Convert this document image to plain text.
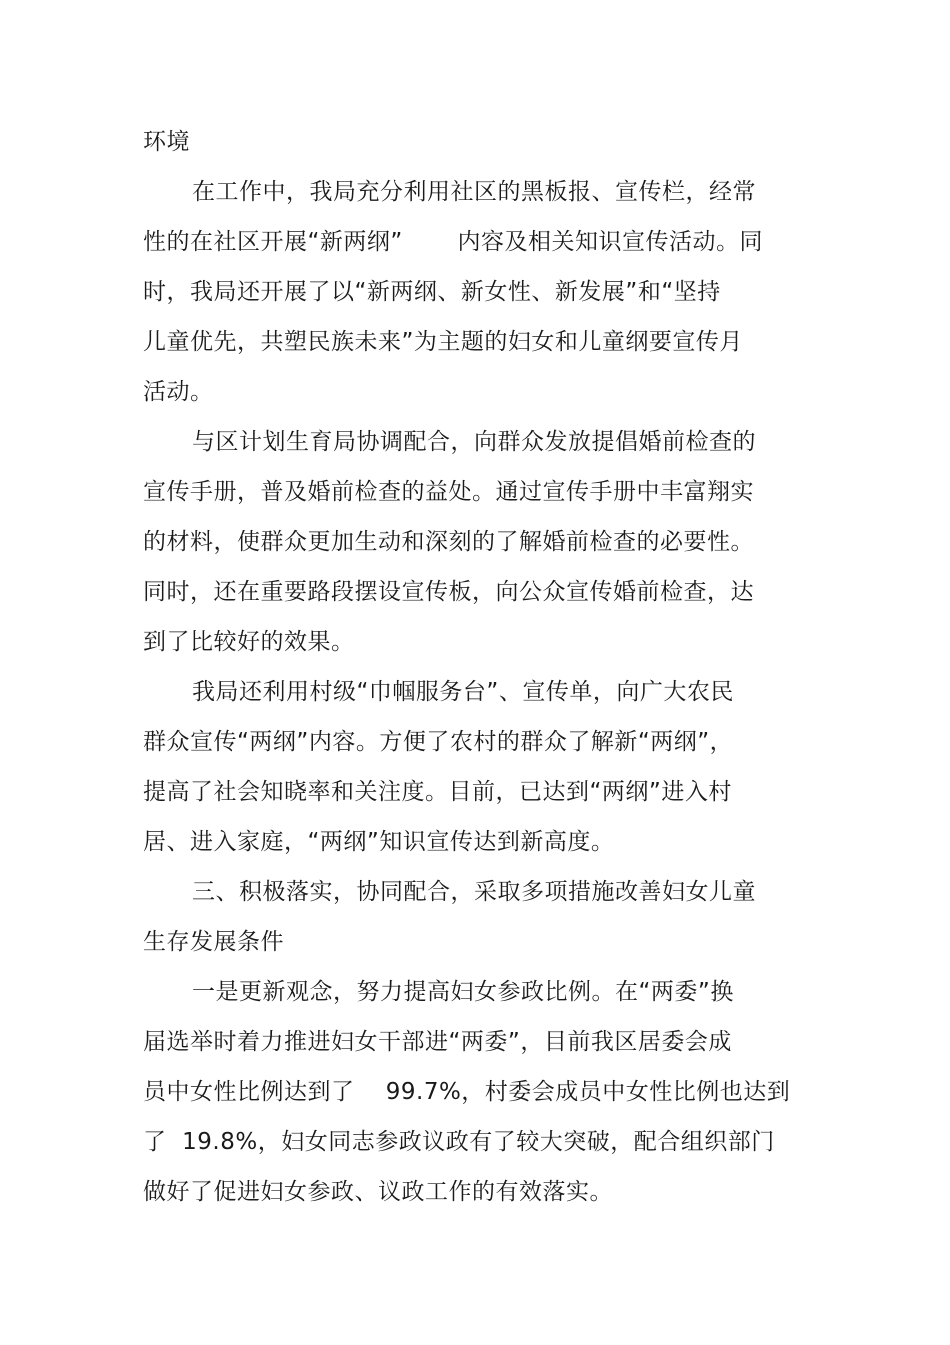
环境
在工作中，我局充分利用社区的黑板报、宣传栏，经常
性的在社区开展“新两纲”       内容及相关知识宣传活动。同
时，我局还开展了以“新两纲、新女性、新发展”和“坚持
儿童优先，共塑民族未来”为主题的妇女和儿童纲要宣传月
活动。
与区计划生育局协调配合，向群众发放提倡婚前检查的
宣传手册，普及婚前检查的益处。通过宣传手册中丰富翔实
的材料，使群众更加生动和深刻的了解婚前检查的必要性。
同时，还在重要路段摆设宣传板，向公众宣传婚前检查，达
到了比较好的效果。
我局还利用村级“巾帼服务台”、宣传单，向广大农民
群众宣传“两纲”内容。方便了农村的群众了解新“两纲”，
提高了社会知晓率和关注度。目前，已达到“两纲”进入村
居、进入家庭，“两纲”知识宣传达到新高度。
三、积极落实，协同配合，采取多项措施改善妇女儿童
生存发展条件
一是更新观念，努力提高妇女参政比例。在“两委”换
届选举时着力推进妇女干部进“两委”，目前我区居委会成
员中女性比例达到了    99.7%，村委会成员中女性比例也达到
了  19.8%，妇女同志参政议政有了较大突破，配合组织部门
做好了促进妇女参政、议政工作的有效落实。
